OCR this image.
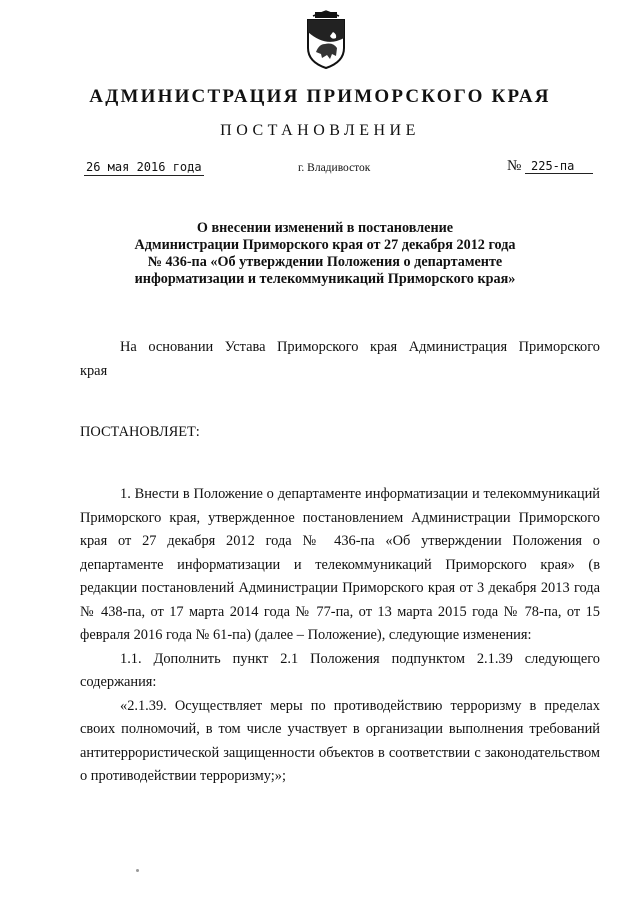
АДМИНИСТРАЦИЯ ПРИМОРСКОГО КРАЯ
ПОСТАНОВЛЕНИЕ
26 мая 2016 года	г. Владивосток	№ 225-па
О внесении изменений в постановление
Администрации Приморского края от 27 декабря 2012 года
№ 436-па «Об утверждении Положения о департаменте
информатизации и телекоммуникаций Приморского края»
На основании Устава Приморского края Администрация Приморского
края
ПОСТАНОВЛЯЕТ:

1. Внести в Положение о департаменте информатизации и телекоммуникаций Приморского края, утвержденное постановлением Администрации Приморского края от 27 декабря 2012 года № 436-па «Об утверждении Положения о департаменте информатизации и телекоммуникаций Приморского края» (в редакции постановлений Администрации Приморского края от 3 декабря 2013 года № 438-па, от 17 марта 2014 года № 77-па, от 13 марта 2015 года № 78-па, от 15 февраля 2016 года № 61-па) (далее – Положение), следующие изменения:

1.1. Дополнить пункт 2.1 Положения подпунктом 2.1.39 следующего содержания:

«2.1.39. Осуществляет меры по противодействию терроризму в пределах своих полномочий, в том числе участвует в организации выполнения требований антитеррористической защищенности объектов в соответствии с законодательством о противодействии терроризму;»;
